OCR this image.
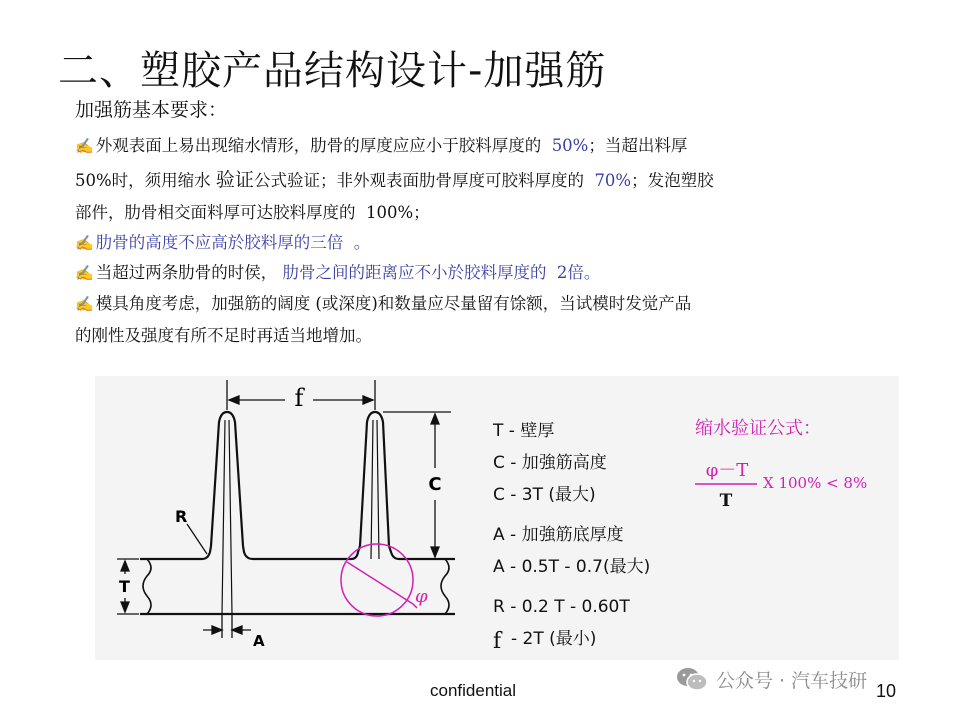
二、塑胶产品结构设计-加强筋
加强筋基本要求：
✍ 外观表面上易出现缩水情形，肋骨的厚度应应小于胶料厚度的  50%；当超出料厚
50%时，须用缩水 验证公式验证；非外观表面肋骨厚度可胶料厚度的  70%；发泡塑胶
部件，肋骨相交面料厚可达胶料厚度的  100%；
✍ 肋骨的高度不应高於胶料厚的三倍  。
✍ 当超过两条肋骨的时侯， 肋骨之间的距离应不小於胶料厚度的  2倍。
✍ 模具角度考虑，加强筋的阔度 (或深度)和数量应尽量留有馀额，当试模时发觉产品
的刚性及强度有所不足时再适当地增加。
f
C
R
T
A
φ
T - 壁厚
C - 加強筋高度
C - 3T (最大)
A - 加強筋底厚度
A - 0.5T - 0.7(最大)
R - 0.2 T - 0.60T
f - 2T (最小)
缩水验证公式：
φ－T
T
X 100% < 8%
公众号 · 汽车技研
confidential	10
